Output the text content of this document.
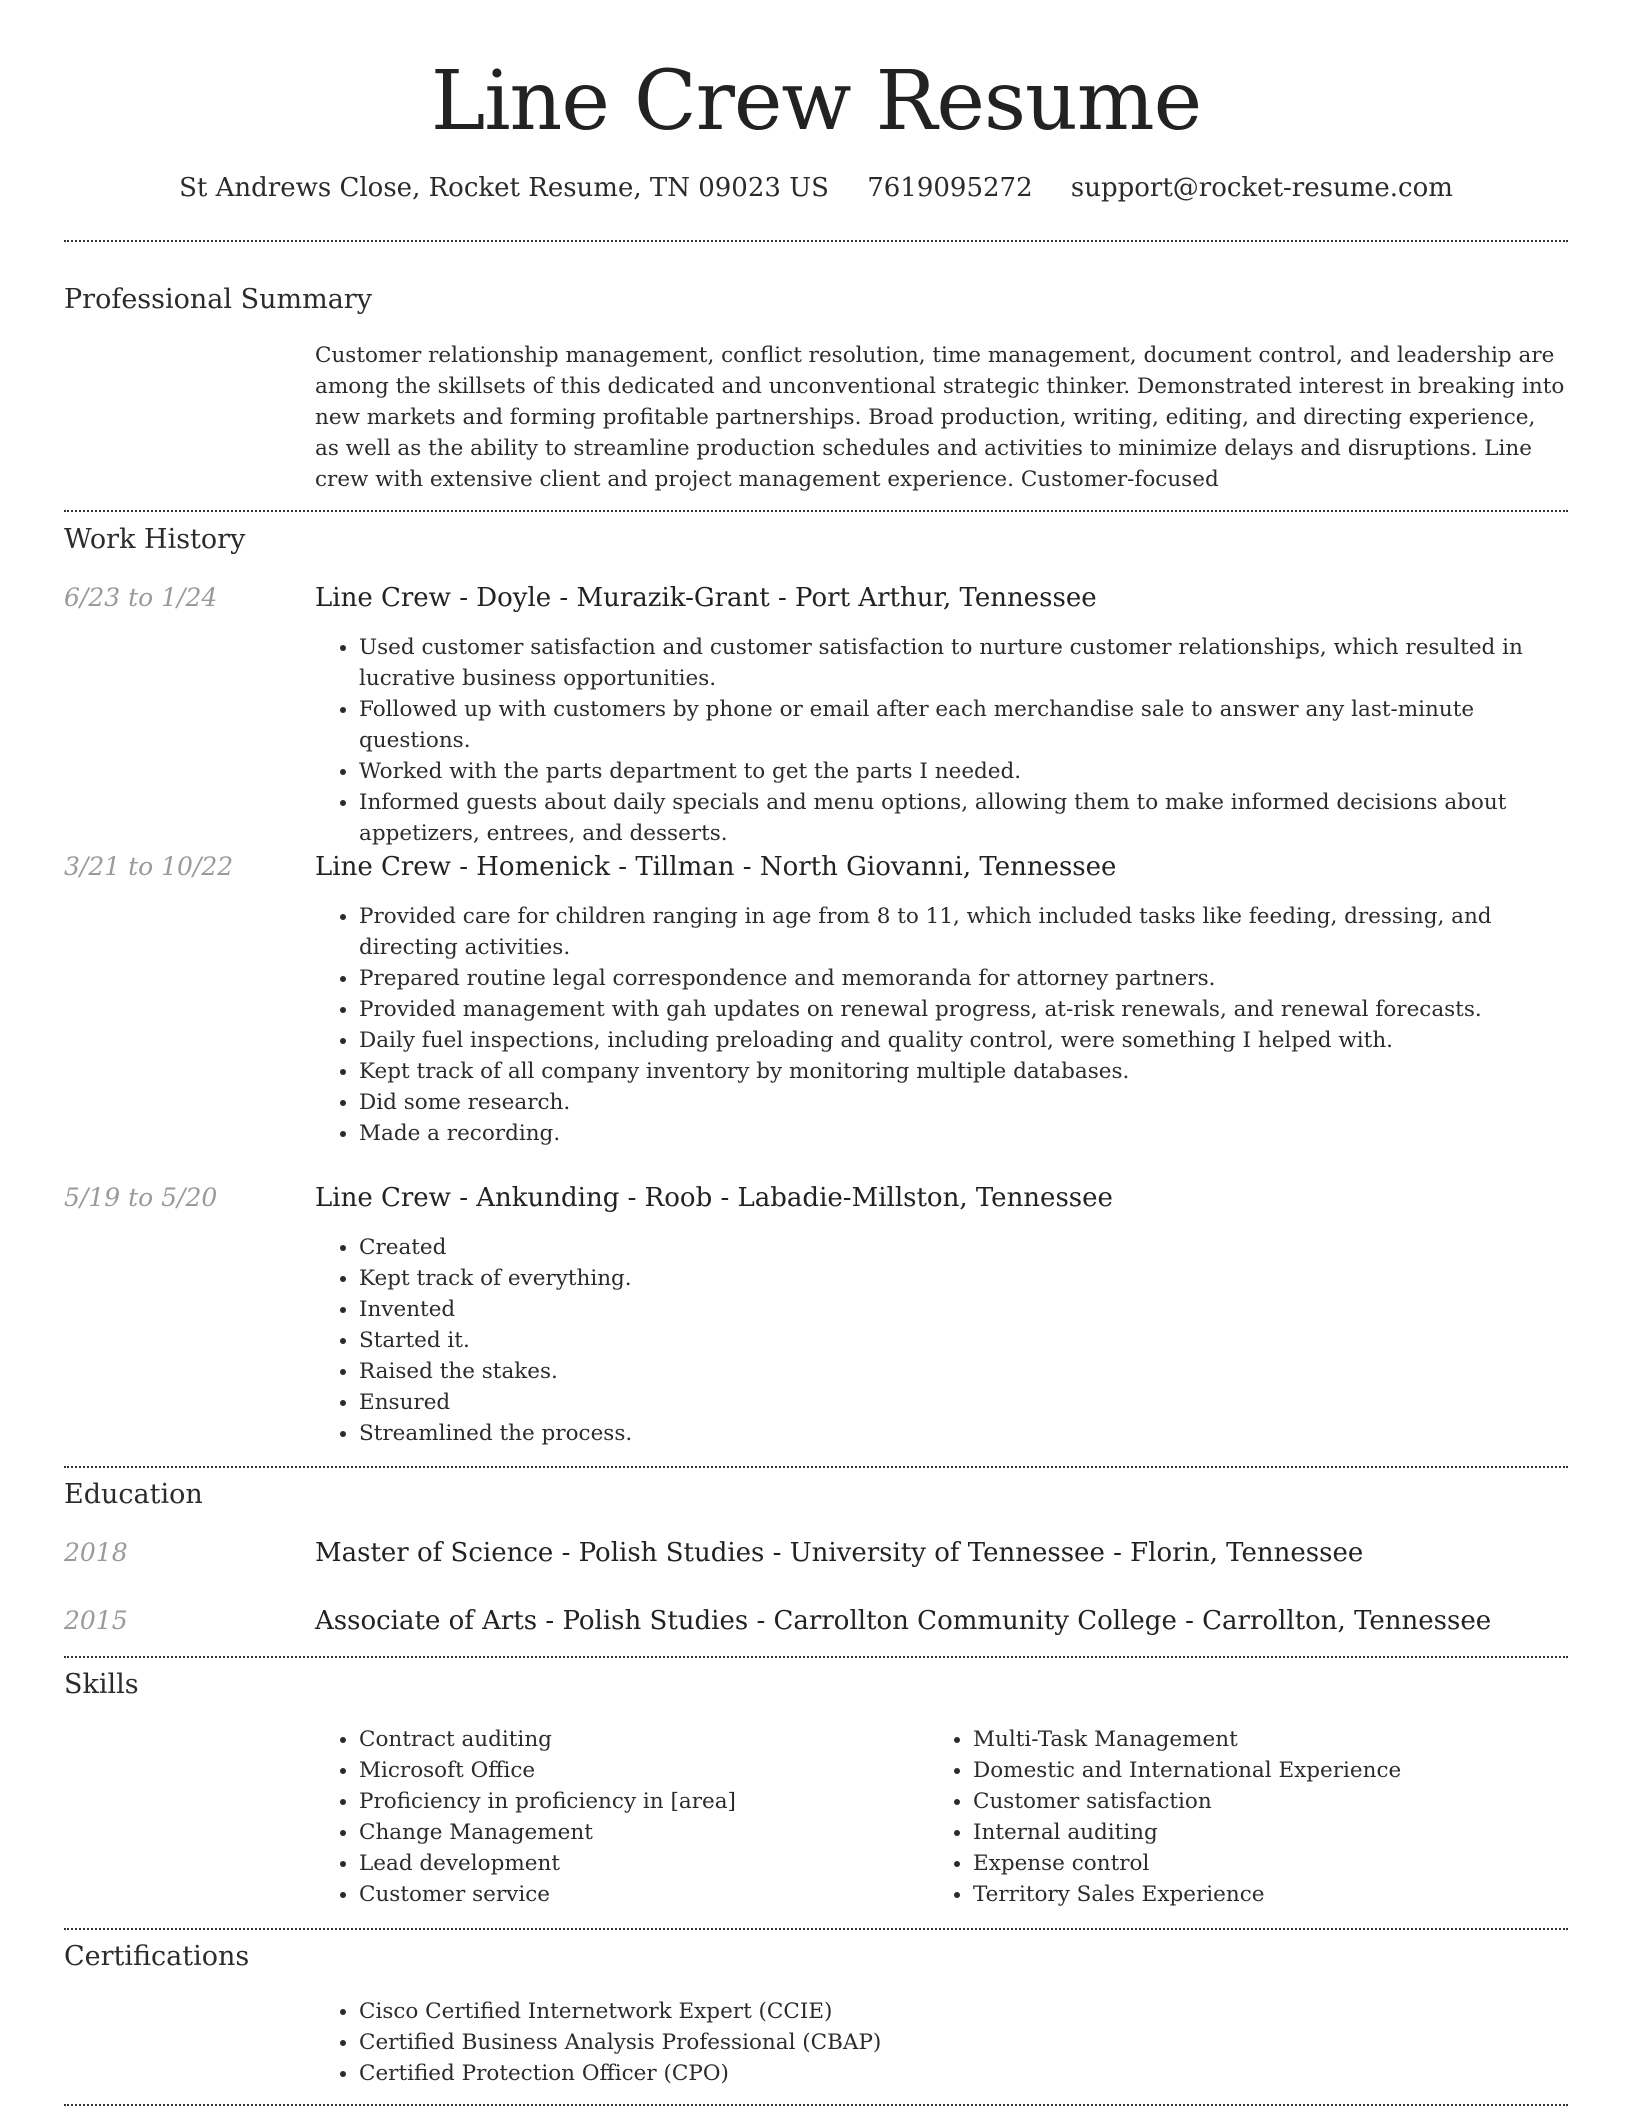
Line Crew Resume
St Andrews Close, Rocket Resume, TN 09023 US 7619095272 support@rocket-resume.com
Professional Summary
Customer relationship management, conflict resolution, time management, document control, and leadership are among the skillsets of this dedicated and unconventional strategic thinker. Demonstrated interest in breaking into new markets and forming profitable partnerships. Broad production, writing, editing, and directing experience, as well as the ability to streamline production schedules and activities to minimize delays and disruptions. Line crew with extensive client and project management experience. Customer-focused
Work History
6/23 to 1/24	Line Crew - Doyle - Murazik-Grant - Port Arthur, Tennessee
• Used customer satisfaction and customer satisfaction to nurture customer relationships, which resulted in lucrative business opportunities.
• Followed up with customers by phone or email after each merchandise sale to answer any last-minute questions.
• Worked with the parts department to get the parts I needed.
• Informed guests about daily specials and menu options, allowing them to make informed decisions about appetizers, entrees, and desserts.
3/21 to 10/22	Line Crew - Homenick - Tillman - North Giovanni, Tennessee
• Provided care for children ranging in age from 8 to 11, which included tasks like feeding, dressing, and directing activities.
• Prepared routine legal correspondence and memoranda for attorney partners.
• Provided management with gah updates on renewal progress, at-risk renewals, and renewal forecasts.
• Daily fuel inspections, including preloading and quality control, were something I helped with.
• Kept track of all company inventory by monitoring multiple databases.
• Did some research.
• Made a recording.
5/19 to 5/20	Line Crew - Ankunding - Roob - Labadie-Millston, Tennessee
• Created
• Kept track of everything.
• Invented
• Started it.
• Raised the stakes.
• Ensured
• Streamlined the process.
Education
2018	Master of Science - Polish Studies - University of Tennessee - Florin, Tennessee
2015	Associate of Arts - Polish Studies - Carrollton Community College - Carrollton, Tennessee
Skills
• Contract auditing
• Microsoft Office
• Proficiency in proficiency in [area]
• Change Management
• Lead development
• Customer service
• Multi-Task Management
• Domestic and International Experience
• Customer satisfaction
• Internal auditing
• Expense control
• Territory Sales Experience
Certifications
• Cisco Certified Internetwork Expert (CCIE)
• Certified Business Analysis Professional (CBAP)
• Certified Protection Officer (CPO)
